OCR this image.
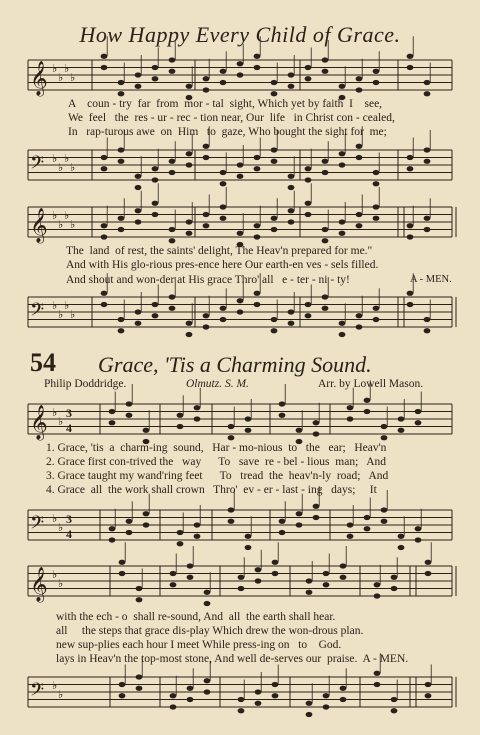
𝄞 ♭
♭
♭
♭
𝄢 ♭
♭
♭
♭
𝄞 ♭
♭
♭
♭
𝄢 ♭
♭
♭
♭
𝄞 ♭
♭
3
4
𝄢 ♭
♭
3
4
𝄞 ♭
♭
𝄢 ♭
♭
How Happy Every Child of Grace.
A    coun - try  far  from  mor - tal  sight, Which yet by faith  I    see,
We  feel   the  res - ur - rec - tion near, Our  life   in Christ con - cealed,
In   rap-turous awe  on  Him   to  gaze, Who bought the sight for  me;
The  land  of rest, the saints' delight, The Heav'n prepared for me."
And with His glo-rious pres-ence here Our earth-en ves - sels filled.
And shout and won-der at His grace Thro' all   e - ter - ni - ty!	A - MEN.
54 Grace, 'Tis a Charming Sound.
Philip Doddridge.	Olmutz. S. M.	Arr. by Lowell Mason.
1. Grace, 'tis  a  charm-ing  sound,   Har - mo-nious  to   the   ear;   Heav'n
2. Grace first con-trived the   way      To   save  re - bel - lious  man;   And
3. Grace taught my wand'ring feet      To   tread  the  heav'n-ly  road;   And
4. Grace  all  the work shall crown   Thro'  ev - er - last - ing   days;     It
with the ech - o  shall re-sound, And  all  the earth shall hear.
all     the steps that grace dis-play Which drew the won-drous plan.
new sup-plies each hour I meet While press-ing on   to    God.
lays in Heav'n the top-most stone, And well de-serves our  praise.  A - MEN.
